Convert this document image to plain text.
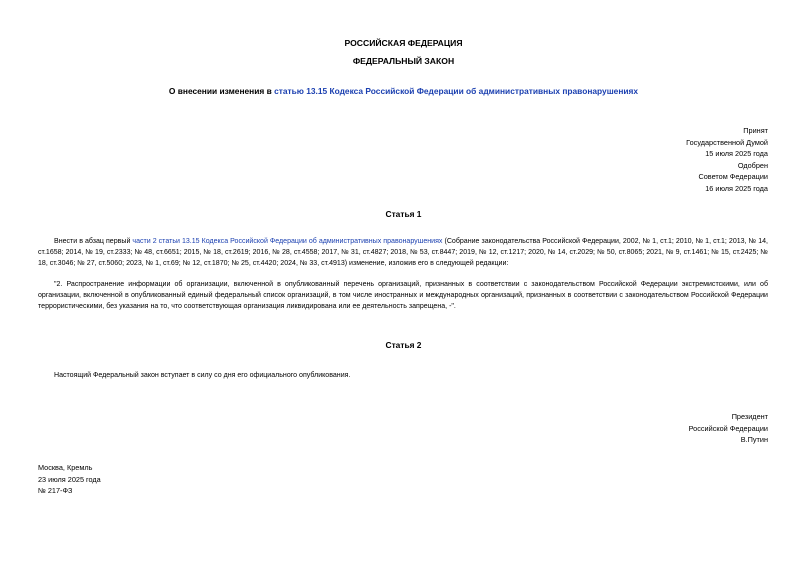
РОССИЙСКАЯ ФЕДЕРАЦИЯ
ФЕДЕРАЛЬНЫЙ ЗАКОН
О внесении изменения в статью 13.15 Кодекса Российской Федерации об административных правонарушениях
Принят
Государственной Думой
15 июля 2025 года
Одобрен
Советом Федерации
16 июля 2025 года
Статья 1
Внести в абзац первый части 2 статьи 13.15 Кодекса Российской Федерации об административных правонарушениях (Собрание законодательства Российской Федерации, 2002, № 1, ст.1; 2010, № 1, ст.1; 2013, № 14, ст.1658; 2014, № 19, ст.2333; № 48, ст.6651; 2015, № 18, ст.2619; 2016, № 28, ст.4558; 2017, № 31, ст.4827; 2018, № 53, ст.8447; 2019, № 12, ст.1217; 2020, № 14, ст.2029; № 50, ст.8065; 2021, № 9, ст.1461; № 15, ст.2425; № 18, ст.3046; № 27, ст.5060; 2023, № 1, ст.69; № 12, ст.1870; № 25, ст.4420; 2024, № 33, ст.4913) изменение, изложив его в следующей редакции:
"2. Распространение информации об организации, включенной в опубликованный перечень организаций, признанных в соответствии с законодательством Российской Федерации экстремистскими, или об организации, включенной в опубликованный единый федеральный список организаций, в том числе иностранных и международных организаций, признанных в соответствии с законодательством Российской Федерации террористическими, без указания на то, что соответствующая организация ликвидирована или ее деятельность запрещена, -".
Статья 2
Настоящий Федеральный закон вступает в силу со дня его официального опубликования.
Президент
Российской Федерации
В.Путин
Москва, Кремль
23 июля 2025 года
№ 217-ФЗ
